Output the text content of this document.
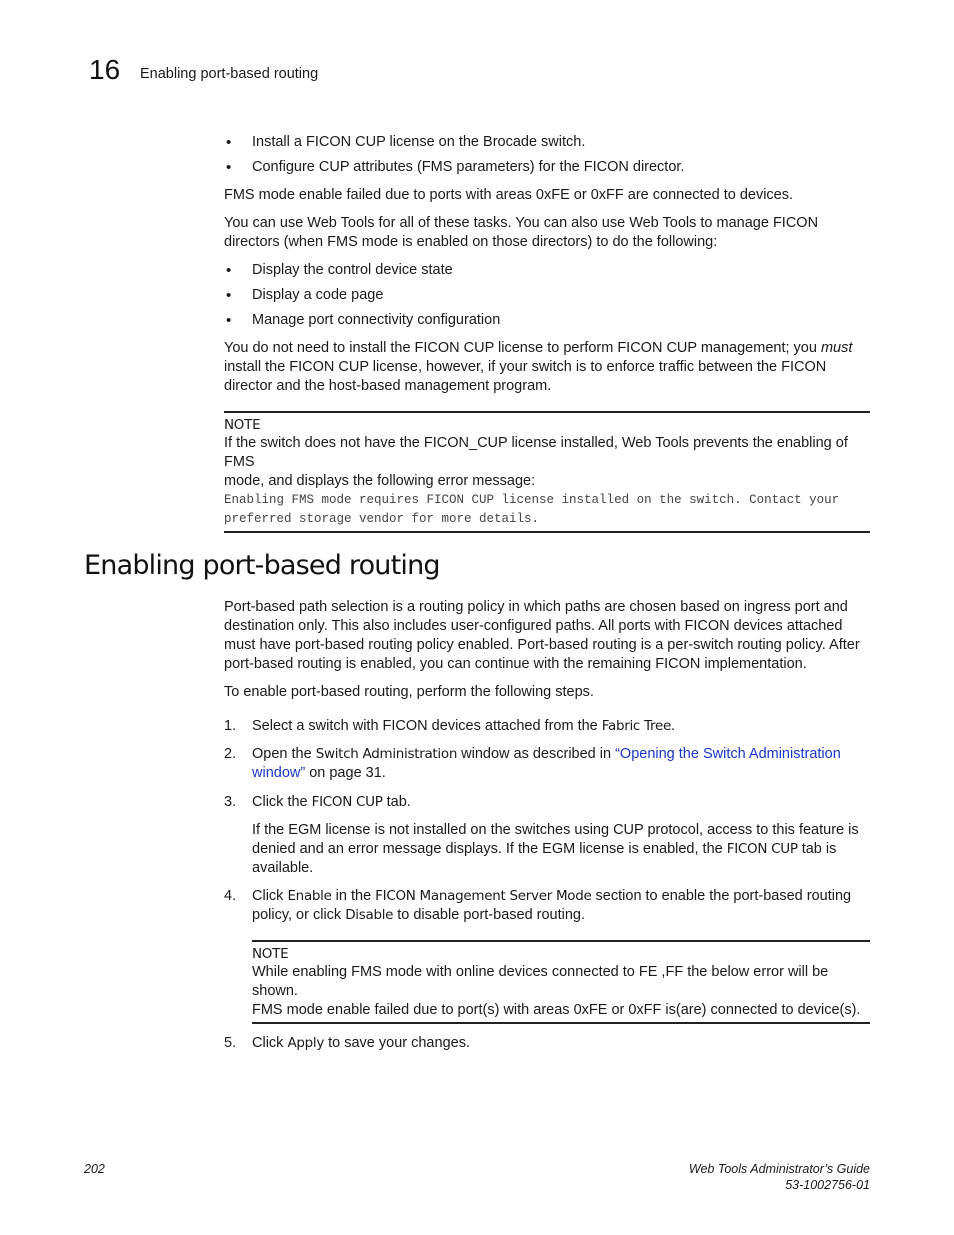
16 Enabling port-based routing
• Install a FICON CUP license on the Brocade switch.
• Configure CUP attributes (FMS parameters) for the FICON director.

FMS mode enable failed due to ports with areas 0xFE or 0xFF are connected to devices.

You can use Web Tools for all of these tasks. You can also use Web Tools to manage FICON
directors (when FMS mode is enabled on those directors) to do the following:
• Display the control device state
• Display a code page
• Manage port connectivity configuration
You do not need to install the FICON CUP license to perform FICON CUP management; you must
install the FICON CUP license, however, if your switch is to enforce traffic between the FICON
director and the host-based management program.
NOTE
If the switch does not have the FICON_CUP license installed, Web Tools prevents the enabling of FMS
mode, and displays the following error message:
Enabling FMS mode requires FICON CUP license installed on the switch. Contact your
preferred storage vendor for more details.
Enabling port-based routing
Port-based path selection is a routing policy in which paths are chosen based on ingress port and
destination only. This also includes user-configured paths. All ports with FICON devices attached
must have port-based routing policy enabled. Port-based routing is a per-switch routing policy. After
port-based routing is enabled, you can continue with the remaining FICON implementation.

To enable port-based routing, perform the following steps.

1. Select a switch with FICON devices attached from the Fabric Tree.
2. Open the Switch Administration window as described in “Opening the Switch Administration
window” on page 31.
3. Click the FICON CUP tab.
If the EGM license is not installed on the switches using CUP protocol, access to this feature is
denied and an error message displays. If the EGM license is enabled, the FICON CUP tab is
available.
4. Click Enable in the FICON Management Server Mode section to enable the port-based routing
policy, or click Disable to disable port-based routing.
NOTE
While enabling FMS mode with online devices connected to FE ,FF the below error will be
shown.
FMS mode enable failed due to port(s) with areas 0xFE or 0xFF is(are) connected to device(s).
5. Click Apply to save your changes.
202	Web Tools Administrator’s Guide
53-1002756-01
